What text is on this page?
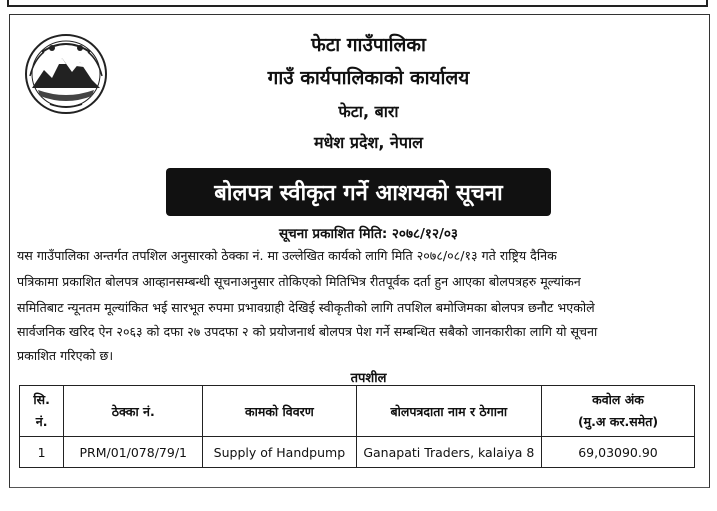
फेटा गाउँपालिका
गाउँ कार्यपालिकाको कार्यालय
फेटा, बारा
मधेश प्रदेश, नेपाल
बोलपत्र स्वीकृत गर्ने आशयको सूचना
सूचना प्रकाशित मिति: २०७८/१२/०३
यस गाउँपालिका अन्तर्गत तपशिल अनुसारको ठेक्का नं. मा उल्लेखित कार्यको लागि मिति २०७८/०८/१३ गते राष्ट्रिय दैनिक
पत्रिकामा प्रकाशित बोलपत्र आव्हानसम्बन्धी सूचनाअनुसार तोकिएको मितिभित्र रीतपूर्वक दर्ता हुन आएका बोलपत्रहरु मूल्यांकन
समितिबाट न्यूनतम मूल्यांकित भई सारभूत रुपमा प्रभावग्राही देखिई स्वीकृतीको लागि तपशिल बमोजिमका बोलपत्र छनौट भएकोले
सार्वजनिक खरिद ऐन २०६३ को दफा २७ उपदफा २ को प्रयोजनार्थ बोलपत्र पेश गर्ने सम्बन्धित सबैको जानकारीका लागि यो सूचना
प्रकाशित गरिएको छ।
तपशील
सि.
नं.	ठेक्का नं.	कामको विवरण	बोलपत्रदाता नाम र ठेगाना	कवोल अंक
(मु.अ कर.समेत)

1	PRM/01/078/79/1	Supply of Handpump	Ganapati Traders, kalaiya 8	69,03090.90
